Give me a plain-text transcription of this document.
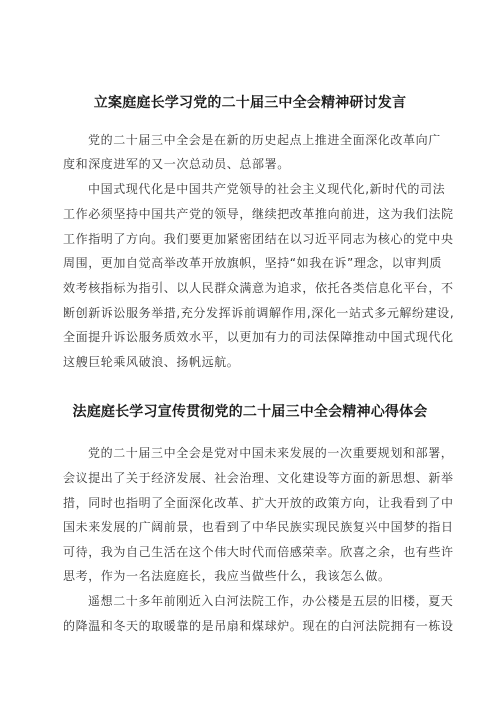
立案庭庭长学习党的二十届三中全会精神研讨发言
党的二十届三中全会是在新的历史起点上推进全面深化改革向广
度和深度进军的又一次总动员、总部署。
中国式现代化是中国共产党领导的社会主义现代化,新时代的司法
工作必须坚持中国共产党的领导，继续把改革推向前进，这为我们法院
工作指明了方向。我们要更加紧密团结在以习近平同志为核心的党中央
周围，更加自觉高举改革开放旗帜，坚持“如我在诉”理念，以审判质
效考核指标为指引、以人民群众满意为追求，依托各类信息化平台，不
断创新诉讼服务举措,充分发挥诉前调解作用,深化一站式多元解纷建设,
全面提升诉讼服务质效水平，以更加有力的司法保障推动中国式现代化
这艘巨轮乘风破浪、扬帆远航。
法庭庭长学习宣传贯彻党的二十届三中全会精神心得体会
党的二十届三中全会是党对中国未来发展的一次重要规划和部署，
会议提出了关于经济发展、社会治理、文化建设等方面的新思想、新举
措，同时也指明了全面深化改革、扩大开放的政策方向，让我看到了中
国未来发展的广阔前景，也看到了中华民族实现民族复兴中国梦的指日
可待，我为自己生活在这个伟大时代而倍感荣幸。欣喜之余，也有些许
思考，作为一名法庭庭长，我应当做些什么，我该怎么做。
遥想二十多年前刚近入白河法院工作，办公楼是五层的旧楼，夏天
的降温和冬天的取暖靠的是吊扇和煤球炉。现在的白河法院拥有一栋设
